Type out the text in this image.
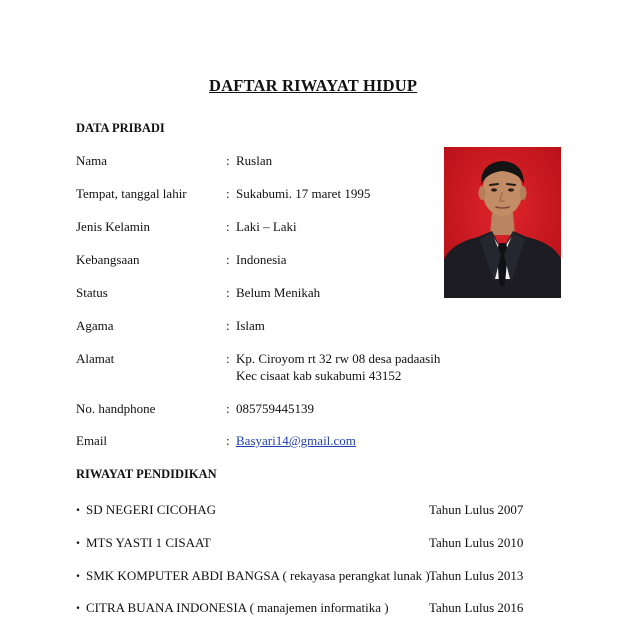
DAFTAR RIWAYAT HIDUP
DATA PRIBADI
Nama	: Ruslan
Tempat, tanggal lahir	: Sukabumi. 17 maret 1995
Jenis Kelamin	: Laki – Laki
Kebangsaan	: Indonesia
Status	: Belum Menikah
Agama	: Islam
Alamat	: Kp. Ciroyom rt 32 rw 08 desa padaasih
Kec cisaat kab sukabumi 43152
No. handphone	: 085759445139
Email	: Basyari14@gmail.com
RIWAYAT PENDIDIKAN
. SD NEGERI CICOHAG	Tahun Lulus 2007
. MTS YASTI 1 CISAAT	Tahun Lulus 2010
. SMK KOMPUTER ABDI BANGSA ( rekayasa perangkat lunak ) Tahun Lulus 2013
. CITRA BUANA INDONESIA ( manajemen informatika )	Tahun Lulus 2016
